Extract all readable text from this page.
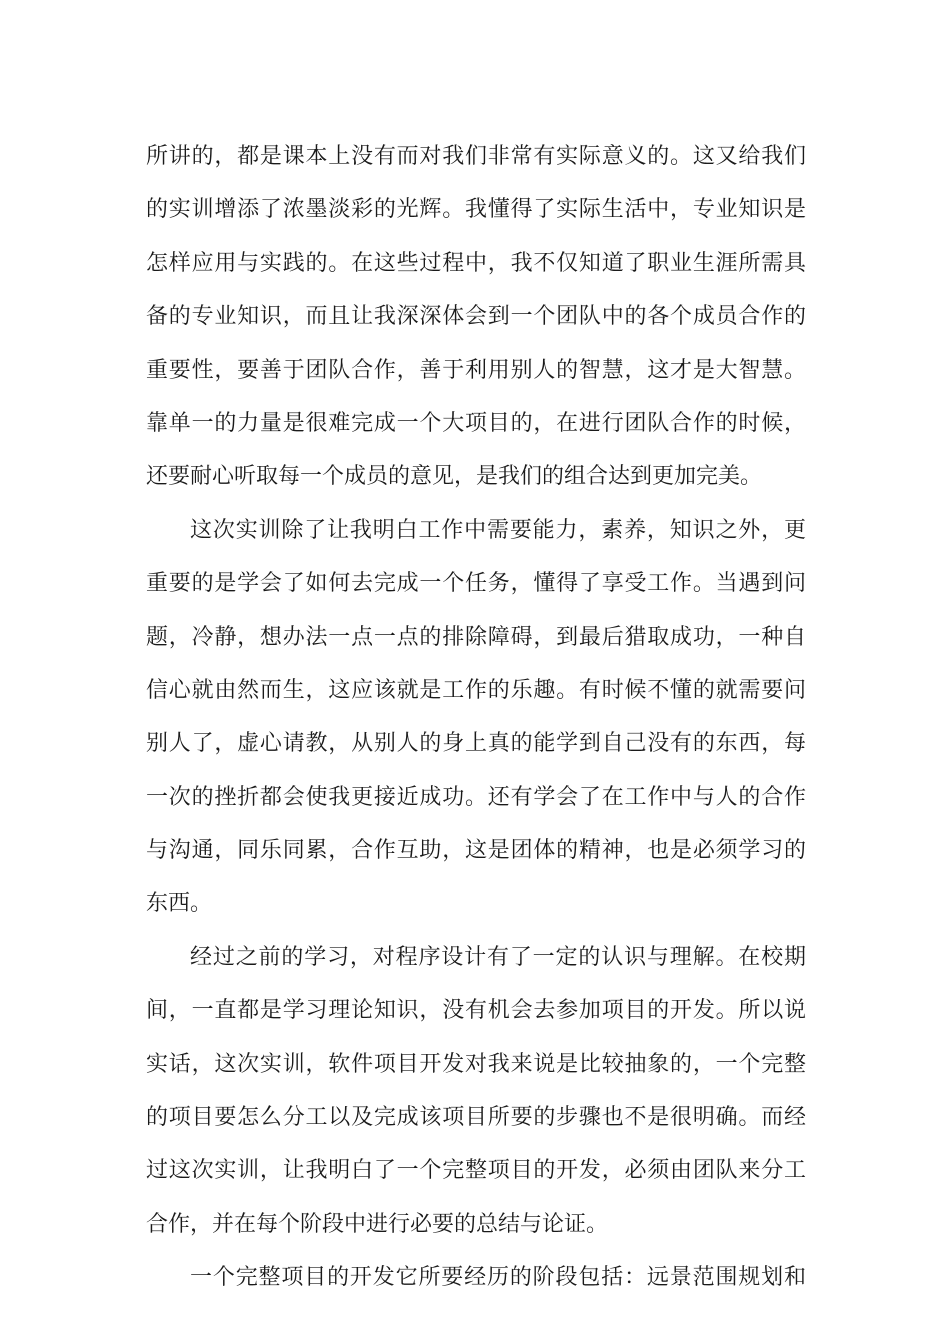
所讲的，都是课本上没有而对我们非常有实际意义的。这又给我们
的实训增添了浓墨淡彩的光辉。我懂得了实际生活中，专业知识是
怎样应用与实践的。在这些过程中，我不仅知道了职业生涯所需具
备的专业知识，而且让我深深体会到一个团队中的各个成员合作的
重要性，要善于团队合作，善于利用别人的智慧，这才是大智慧。
靠单一的力量是很难完成一个大项目的，在进行团队合作的时候，
还要耐心听取每一个成员的意见，是我们的组合达到更加完美。
这次实训除了让我明白工作中需要能力，素养，知识之外，更
重要的是学会了如何去完成一个任务，懂得了享受工作。当遇到问
题，冷静，想办法一点一点的排除障碍，到最后猎取成功，一种自
信心就由然而生，这应该就是工作的乐趣。有时候不懂的就需要问
别人了，虚心请教，从别人的身上真的能学到自己没有的东西，每
一次的挫折都会使我更接近成功。还有学会了在工作中与人的合作
与沟通，同乐同累，合作互助，这是团体的精神，也是必须学习的
东西。
经过之前的学习，对程序设计有了一定的认识与理解。在校期
间，一直都是学习理论知识，没有机会去参加项目的开发。所以说
实话，这次实训，软件项目开发对我来说是比较抽象的，一个完整
的项目要怎么分工以及完成该项目所要的步骤也不是很明确。而经
过这次实训，让我明白了一个完整项目的开发，必须由团队来分工
合作，并在每个阶段中进行必要的总结与论证。
一个完整项目的开发它所要经历的阶段包括：远景范围规划和
